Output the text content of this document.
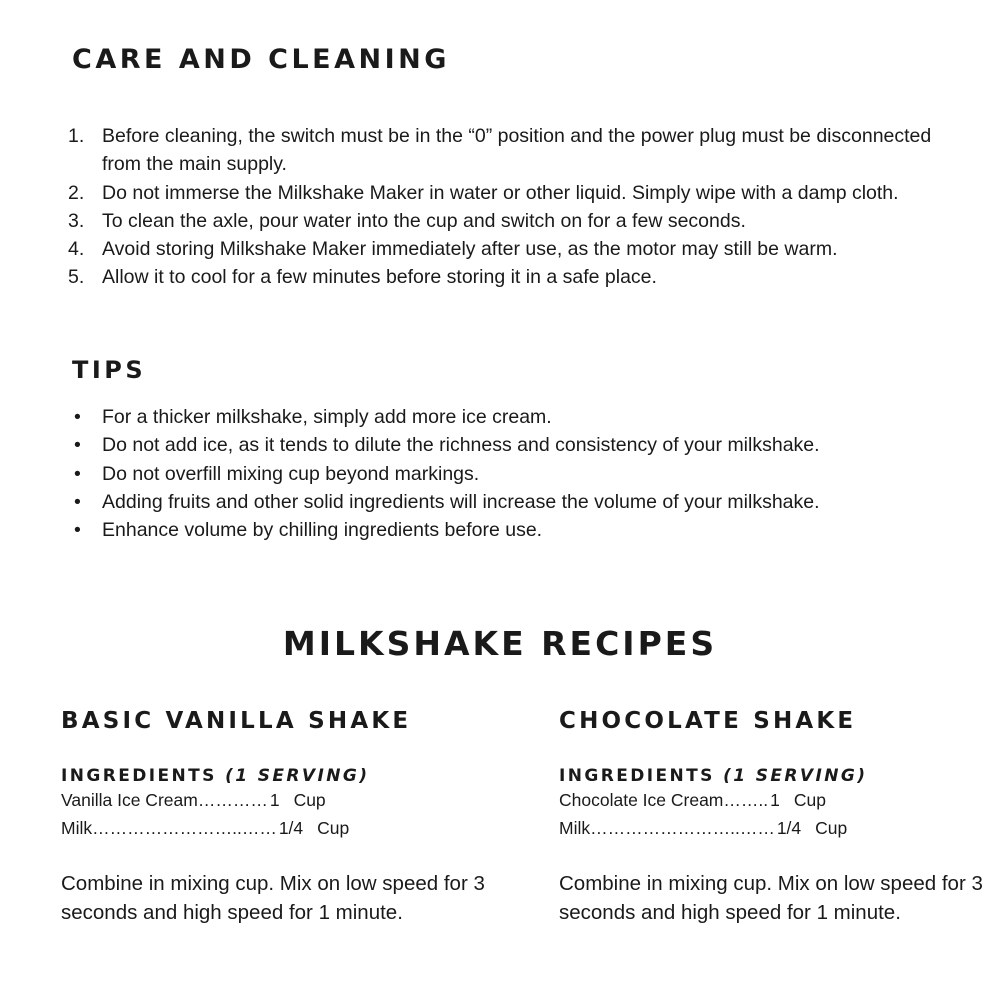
CARE AND CLEANING
1. Before cleaning, the switch must be in the “0” position and the power plug must be disconnected from the main supply.
2. Do not immerse the Milkshake Maker in water or other liquid. Simply wipe with a damp cloth.
3. To clean the axle, pour water into the cup and switch on for a few seconds.
4. Avoid storing Milkshake Maker immediately after use, as the motor may still be warm.
5. Allow it to cool for a few minutes before storing it in a safe place.
TIPS
• For a thicker milkshake, simply add more ice cream.
• Do not add ice, as it tends to dilute the richness and consistency of your milkshake.
• Do not overfill mixing cup beyond markings.
• Adding fruits and other solid ingredients will increase the volume of your milkshake.
• Enhance volume by chilling ingredients before use.
MILKSHAKE RECIPES
BASIC VANILLA SHAKE
INGREDIENTS (1 SERVING)
Vanilla Ice Cream………… 1 Cup
Milk……………………..…… 1/4 Cup

Combine in mixing cup. Mix on low speed for 3 seconds and high speed for 1 minute.

CHOCOLATE SHAKE
INGREDIENTS (1 SERVING)
Chocolate Ice Cream…….. 1 Cup
Milk……………………..…… 1/4 Cup

Combine in mixing cup. Mix on low speed for 3 seconds and high speed for 1 minute.
